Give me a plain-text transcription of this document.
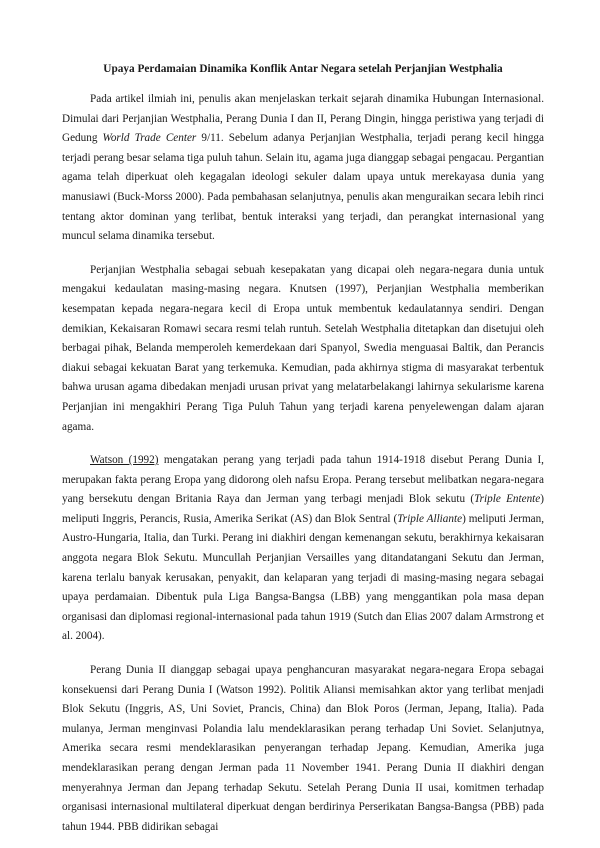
Upaya Perdamaian Dinamika Konflik Antar Negara setelah Perjanjian Westphalia
Pada artikel ilmiah ini, penulis akan menjelaskan terkait sejarah dinamika Hubungan Internasional. Dimulai dari Perjanjian Westphalia, Perang Dunia I dan II, Perang Dingin, hingga peristiwa yang terjadi di Gedung World Trade Center 9/11. Sebelum adanya Perjanjian Westphalia, terjadi perang kecil hingga terjadi perang besar selama tiga puluh tahun. Selain itu, agama juga dianggap sebagai pengacau. Pergantian agama telah diperkuat oleh kegagalan ideologi sekuler dalam upaya untuk merekayasa dunia yang manusiawi (Buck-Morss 2000). Pada pembahasan selanjutnya, penulis akan menguraikan secara lebih rinci tentang aktor dominan yang terlibat, bentuk interaksi yang terjadi, dan perangkat internasional yang muncul selama dinamika tersebut.
Perjanjian Westphalia sebagai sebuah kesepakatan yang dicapai oleh negara-negara dunia untuk mengakui kedaulatan masing-masing negara. Knutsen (1997), Perjanjian Westphalia memberikan kesempatan kepada negara-negara kecil di Eropa untuk membentuk kedaulatannya sendiri. Dengan demikian, Kekaisaran Romawi secara resmi telah runtuh. Setelah Westphalia ditetapkan dan disetujui oleh berbagai pihak, Belanda memperoleh kemerdekaan dari Spanyol, Swedia menguasai Baltik, dan Perancis diakui sebagai kekuatan Barat yang terkemuka. Kemudian, pada akhirnya stigma di masyarakat terbentuk bahwa urusan agama dibedakan menjadi urusan privat yang melatarbelakangi lahirnya sekularisme karena Perjanjian ini mengakhiri Perang Tiga Puluh Tahun yang terjadi karena penyelewengan dalam ajaran agama.
Watson (1992) mengatakan perang yang terjadi pada tahun 1914-1918 disebut Perang Dunia I, merupakan fakta perang Eropa yang didorong oleh nafsu Eropa. Perang tersebut melibatkan negara-negara yang bersekutu dengan Britania Raya dan Jerman yang terbagi menjadi Blok sekutu (Triple Entente) meliputi Inggris, Perancis, Rusia, Amerika Serikat (AS) dan Blok Sentral (Triple Alliante) meliputi Jerman, Austro-Hungaria, Italia, dan Turki. Perang ini diakhiri dengan kemenangan sekutu, berakhirnya kekaisaran anggota negara Blok Sekutu. Muncullah Perjanjian Versailles yang ditandatangani Sekutu dan Jerman, karena terlalu banyak kerusakan, penyakit, dan kelaparan yang terjadi di masing-masing negara sebagai upaya perdamaian. Dibentuk pula Liga Bangsa-Bangsa (LBB) yang menggantikan pola masa depan organisasi dan diplomasi regional-internasional pada tahun 1919 (Sutch dan Elias 2007 dalam Armstrong et al. 2004).
Perang Dunia II dianggap sebagai upaya penghancuran masyarakat negara-negara Eropa sebagai konsekuensi dari Perang Dunia I (Watson 1992). Politik Aliansi memisahkan aktor yang terlibat menjadi Blok Sekutu (Inggris, AS, Uni Soviet, Prancis, China) dan Blok Poros (Jerman, Jepang, Italia). Pada mulanya, Jerman menginvasi Polandia lalu mendeklarasikan perang terhadap Uni Soviet. Selanjutnya, Amerika secara resmi mendeklarasikan penyerangan terhadap Jepang. Kemudian, Amerika juga mendeklarasikan perang dengan Jerman pada 11 November 1941. Perang Dunia II diakhiri dengan menyerahnya Jerman dan Jepang terhadap Sekutu. Setelah Perang Dunia II usai, komitmen terhadap organisasi internasional multilateral diperkuat dengan berdirinya Perserikatan Bangsa-Bangsa (PBB) pada tahun 1944. PBB didirikan sebagai
